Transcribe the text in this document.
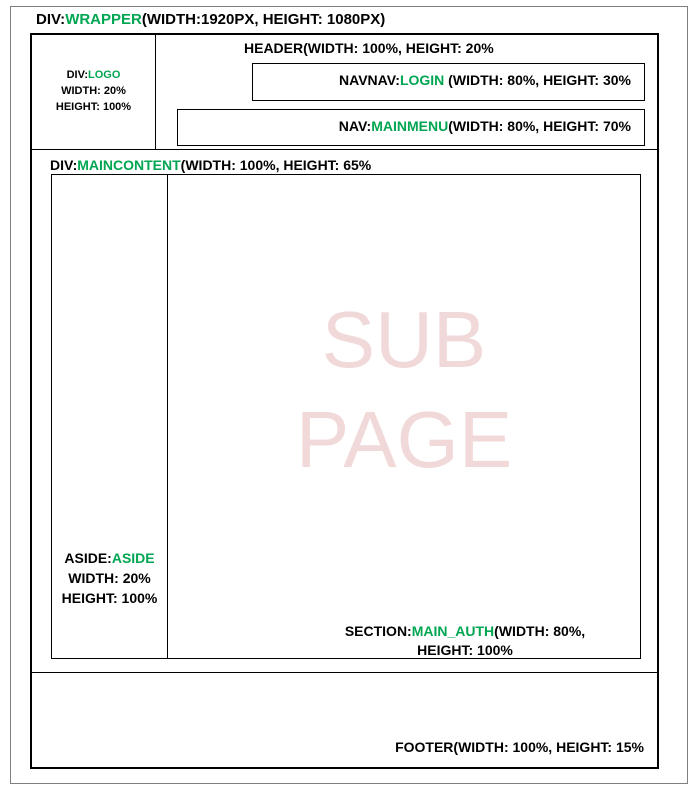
DIV:WRAPPER(WIDTH:1920PX, HEIGHT: 1080PX)
DIV:LOGO
WIDTH: 20%
HEIGHT: 100%
HEADER(WIDTH: 100%, HEIGHT: 20%
NAVNAV:LOGIN (WIDTH: 80%, HEIGHT: 30%
NAV:MAINMENU(WIDTH: 80%, HEIGHT: 70%
DIV:MAINCONTENT(WIDTH: 100%, HEIGHT: 65%
SUB
PAGE
ASIDE:ASIDE
WIDTH: 20%
HEIGHT: 100%
SECTION:MAIN_AUTH(WIDTH: 80%,
HEIGHT: 100%
FOOTER(WIDTH: 100%, HEIGHT: 15%
